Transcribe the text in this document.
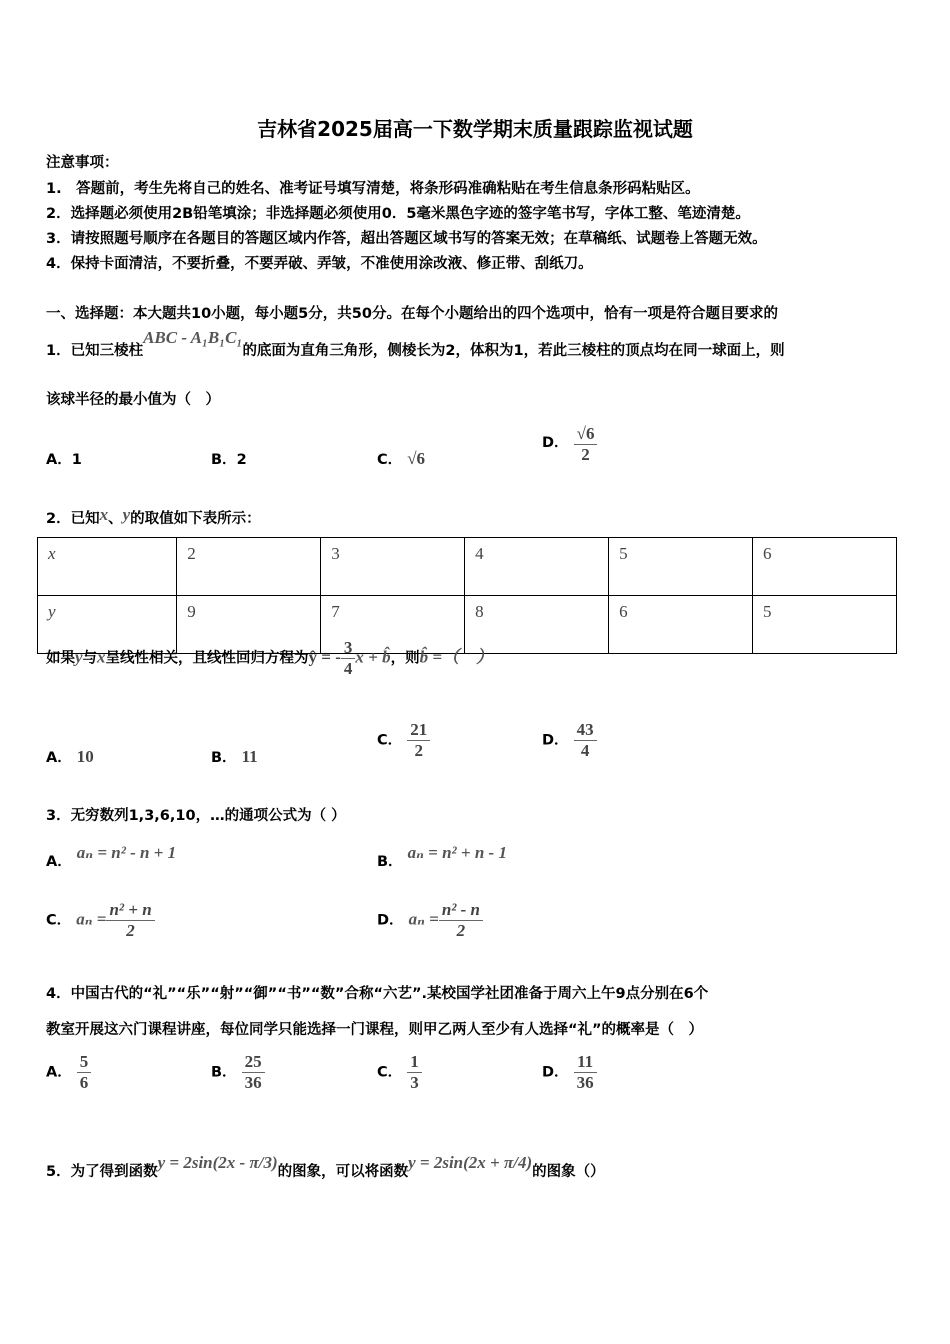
吉林省2025届高一下数学期末质量跟踪监视试题
注意事项：
1.　答题前，考生先将自己的姓名、准考证号填写清楚，将条形码准确粘贴在考生信息条形码粘贴区。
2．选择题必须使用2B铅笔填涂；非选择题必须使用0．5毫米黑色字迹的签字笔书写，字体工整、笔迹清楚。
3．请按照题号顺序在各题目的答题区域内作答，超出答题区域书写的答案无效；在草稿纸、试题卷上答题无效。
4．保持卡面清洁，不要折叠，不要弄破、弄皱，不准使用涂改液、修正带、刮纸刀。
一、选择题：本大题共10小题，每小题5分，共50分。在每个小题给出的四个选项中，恰有一项是符合题目要求的
1．已知三棱柱ABC - A₁B₁C₁的底面为直角三角形，侧棱长为2，体积为1，若此三棱柱的顶点均在同一球面上，则
该球半径的最小值为（　）
A．1	B．2	C． √6
D． $\frac{√6}{2}$
2．已知x、y的取值如下表所示：
x	2	3	4	5	6
y	9	7	8	6	5
如果y与x呈线性相关，且线性回归方程为ŷ = - $\frac{3}{4}$ x + b̂，则b̂ =（　）
A． 10	B． 11
C． $\frac{21}{2}$	D． $\frac{43}{4}$
3．无穷数列1,3,6,10，…的通项公式为（ ）
A． aₙ = n² - n + 1	B． aₙ = n² + n - 1
C． $a_n = \frac{\text{n² + n}}{2}$	D． $a_n = \frac{\text{n² - n}}{2}$
4．中国古代的“礼”“乐”“射”“御”“书”“数”合称“六艺”.某校国学社团准备于周六上午9点分别在6个
教室开展这六门课程讲座，每位同学只能选择一门课程，则甲乙两人至少有人选择“礼”的概率是（　）
A． $\frac{5}{6}$	B． $\frac{25}{36}$	C． $\frac{1}{3}$	D． $\frac{11}{36}$
5．为了得到函数y = 2sin(2x - π/3)的图象，可以将函数y = 2sin(2x + π/4)的图象（）
